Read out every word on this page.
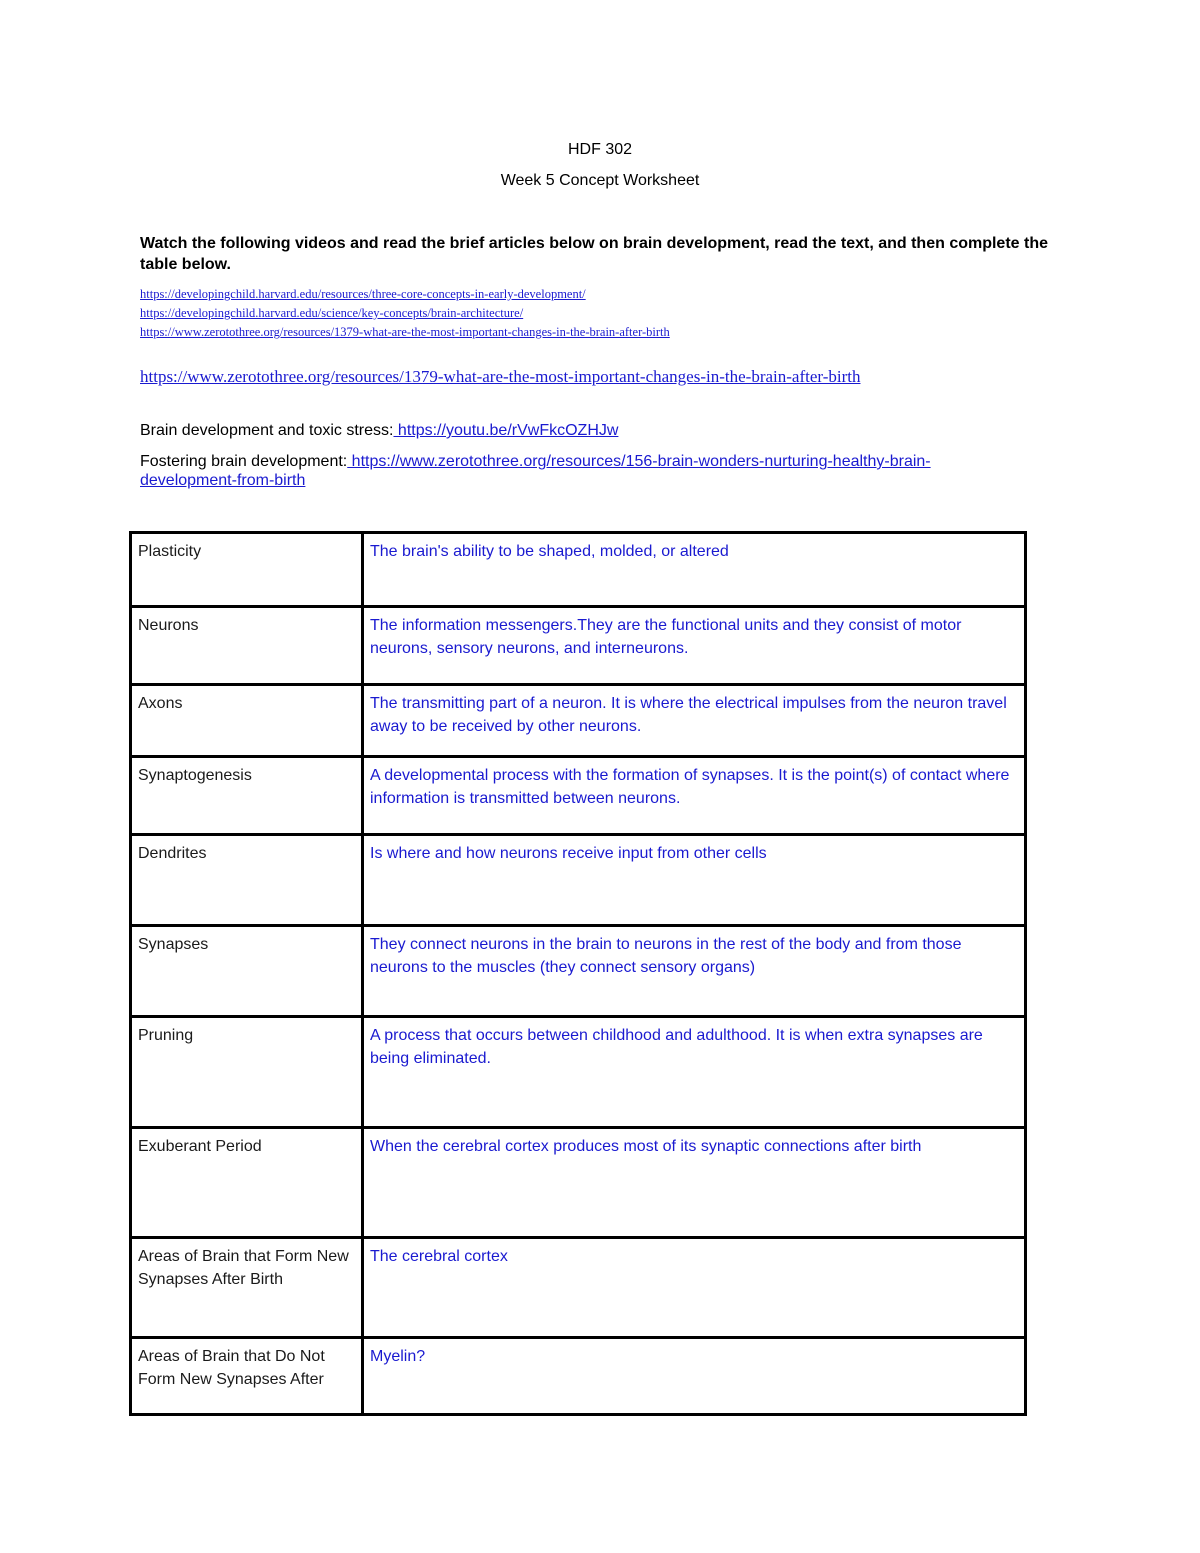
HDF 302
Week 5 Concept Worksheet
Watch the following videos and read the brief articles below on brain development, read the text, and then complete the table below.
https://developingchild.harvard.edu/resources/three-core-concepts-in-early-development/
https://developingchild.harvard.edu/science/key-concepts/brain-architecture/
https://www.zerotothree.org/resources/1379-what-are-the-most-important-changes-in-the-brain-after-birth
https://www.zerotothree.org/resources/1379-what-are-the-most-important-changes-in-the-brain-after-birth
Brain development and toxic stress: https://youtu.be/rVwFkcOZHJw
Fostering brain development: https://www.zerotothree.org/resources/156-brain-wonders-nurturing-healthy-brain-development-from-birth
Plasticity	The brain's ability to be shaped, molded, or altered
Neurons	The information messengers.They are the functional units and they consist of motor neurons, sensory neurons, and interneurons.
Axons	The transmitting part of a neuron. It is where the electrical impulses from the neuron travel away to be received by other neurons.
Synaptogenesis	A developmental process with the formation of synapses. It is the point(s) of contact where information is transmitted between neurons.
Dendrites	Is where and how neurons receive input from other cells
Synapses	They connect neurons in the brain to neurons in the rest of the body and from those neurons to the muscles (they connect sensory organs)
Pruning	A process that occurs between childhood and adulthood. It is when extra synapses are being eliminated.
Exuberant Period	When the cerebral cortex produces most of its synaptic connections after birth
Areas of Brain that Form New Synapses After Birth	The cerebral cortex
Areas of Brain that Do Not Form New Synapses After	Myelin?
